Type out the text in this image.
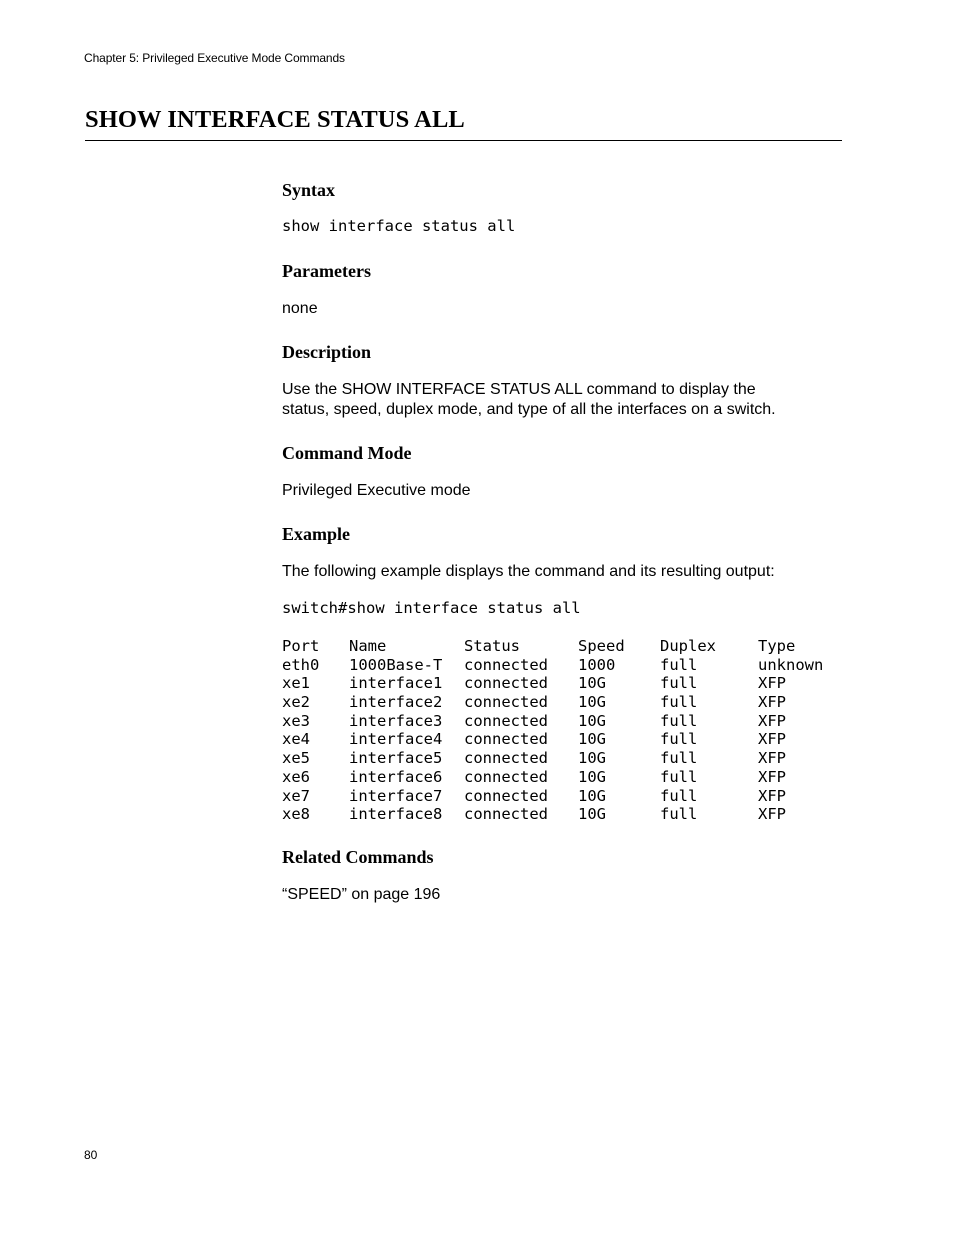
Chapter 5: Privileged Executive Mode Commands
SHOW INTERFACE STATUS ALL
Syntax
show interface status all
Parameters

none

Description

Use the SHOW INTERFACE STATUS ALL command to display the

status, speed, duplex mode, and type of all the interfaces on a switch.

Command Mode

Privileged Executive mode

Example

The following example displays the command and its resulting output:

switch#show interface status all
Port Name	Status	Speed Duplex	Type
eth0 1000Base-T connected 1000	full	unknown
xe1	interface1 connected 10G	full	XFP
xe2	interface2 connected 10G	full	XFP
xe3	interface3 connected 10G	full	XFP
xe4	interface4 connected 10G	full	XFP
xe5	interface5 connected 10G	full	XFP
xe6	interface6 connected 10G	full	XFP
xe7	interface7 connected 10G	full	XFP
xe8	interface8 connected 10G	full	XFP
Related Commands

“SPEED” on page 196

80
